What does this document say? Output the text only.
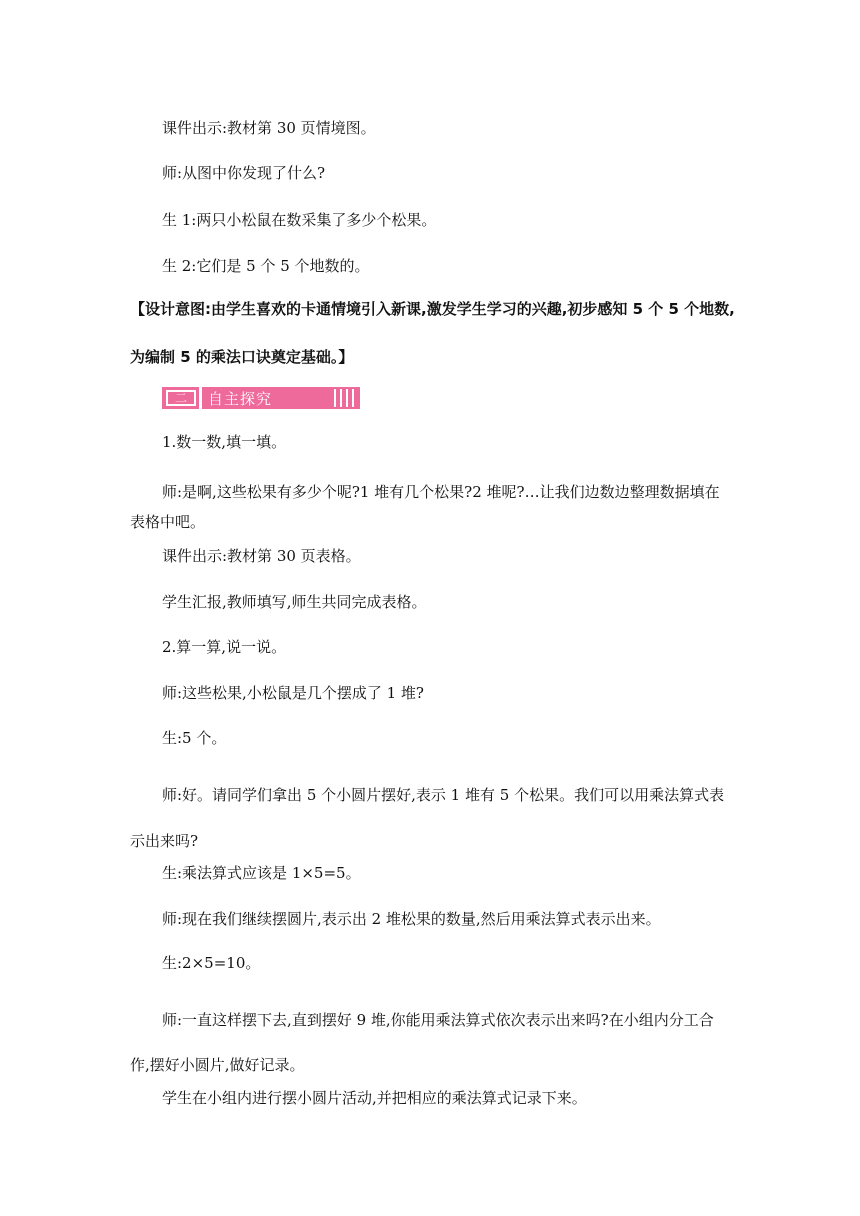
课件出示:教材第 30 页情境图。
师:从图中你发现了什么?
生 1:两只小松鼠在数采集了多少个松果。
生 2:它们是 5 个 5 个地数的。
【设计意图:由学生喜欢的卡通情境引入新课,激发学生学习的兴趣,初步感知 5 个 5 个地数,为编制 5 的乘法口诀奠定基础。】
二	自主探究
1.数一数,填一填。
师:是啊,这些松果有多少个呢?1 堆有几个松果?2 堆呢?…让我们边数边整理数据填在表格中吧。
课件出示:教材第 30 页表格。
学生汇报,教师填写,师生共同完成表格。
2.算一算,说一说。
师:这些松果,小松鼠是几个摆成了 1 堆?
生:5 个。
师:好。请同学们拿出 5 个小圆片摆好,表示 1 堆有 5 个松果。我们可以用乘法算式表示出来吗?
生:乘法算式应该是 1×5=5。
师:现在我们继续摆圆片,表示出 2 堆松果的数量,然后用乘法算式表示出来。
生:2×5=10。
师:一直这样摆下去,直到摆好 9 堆,你能用乘法算式依次表示出来吗?在小组内分工合作,摆好小圆片,做好记录。
学生在小组内进行摆小圆片活动,并把相应的乘法算式记录下来。
